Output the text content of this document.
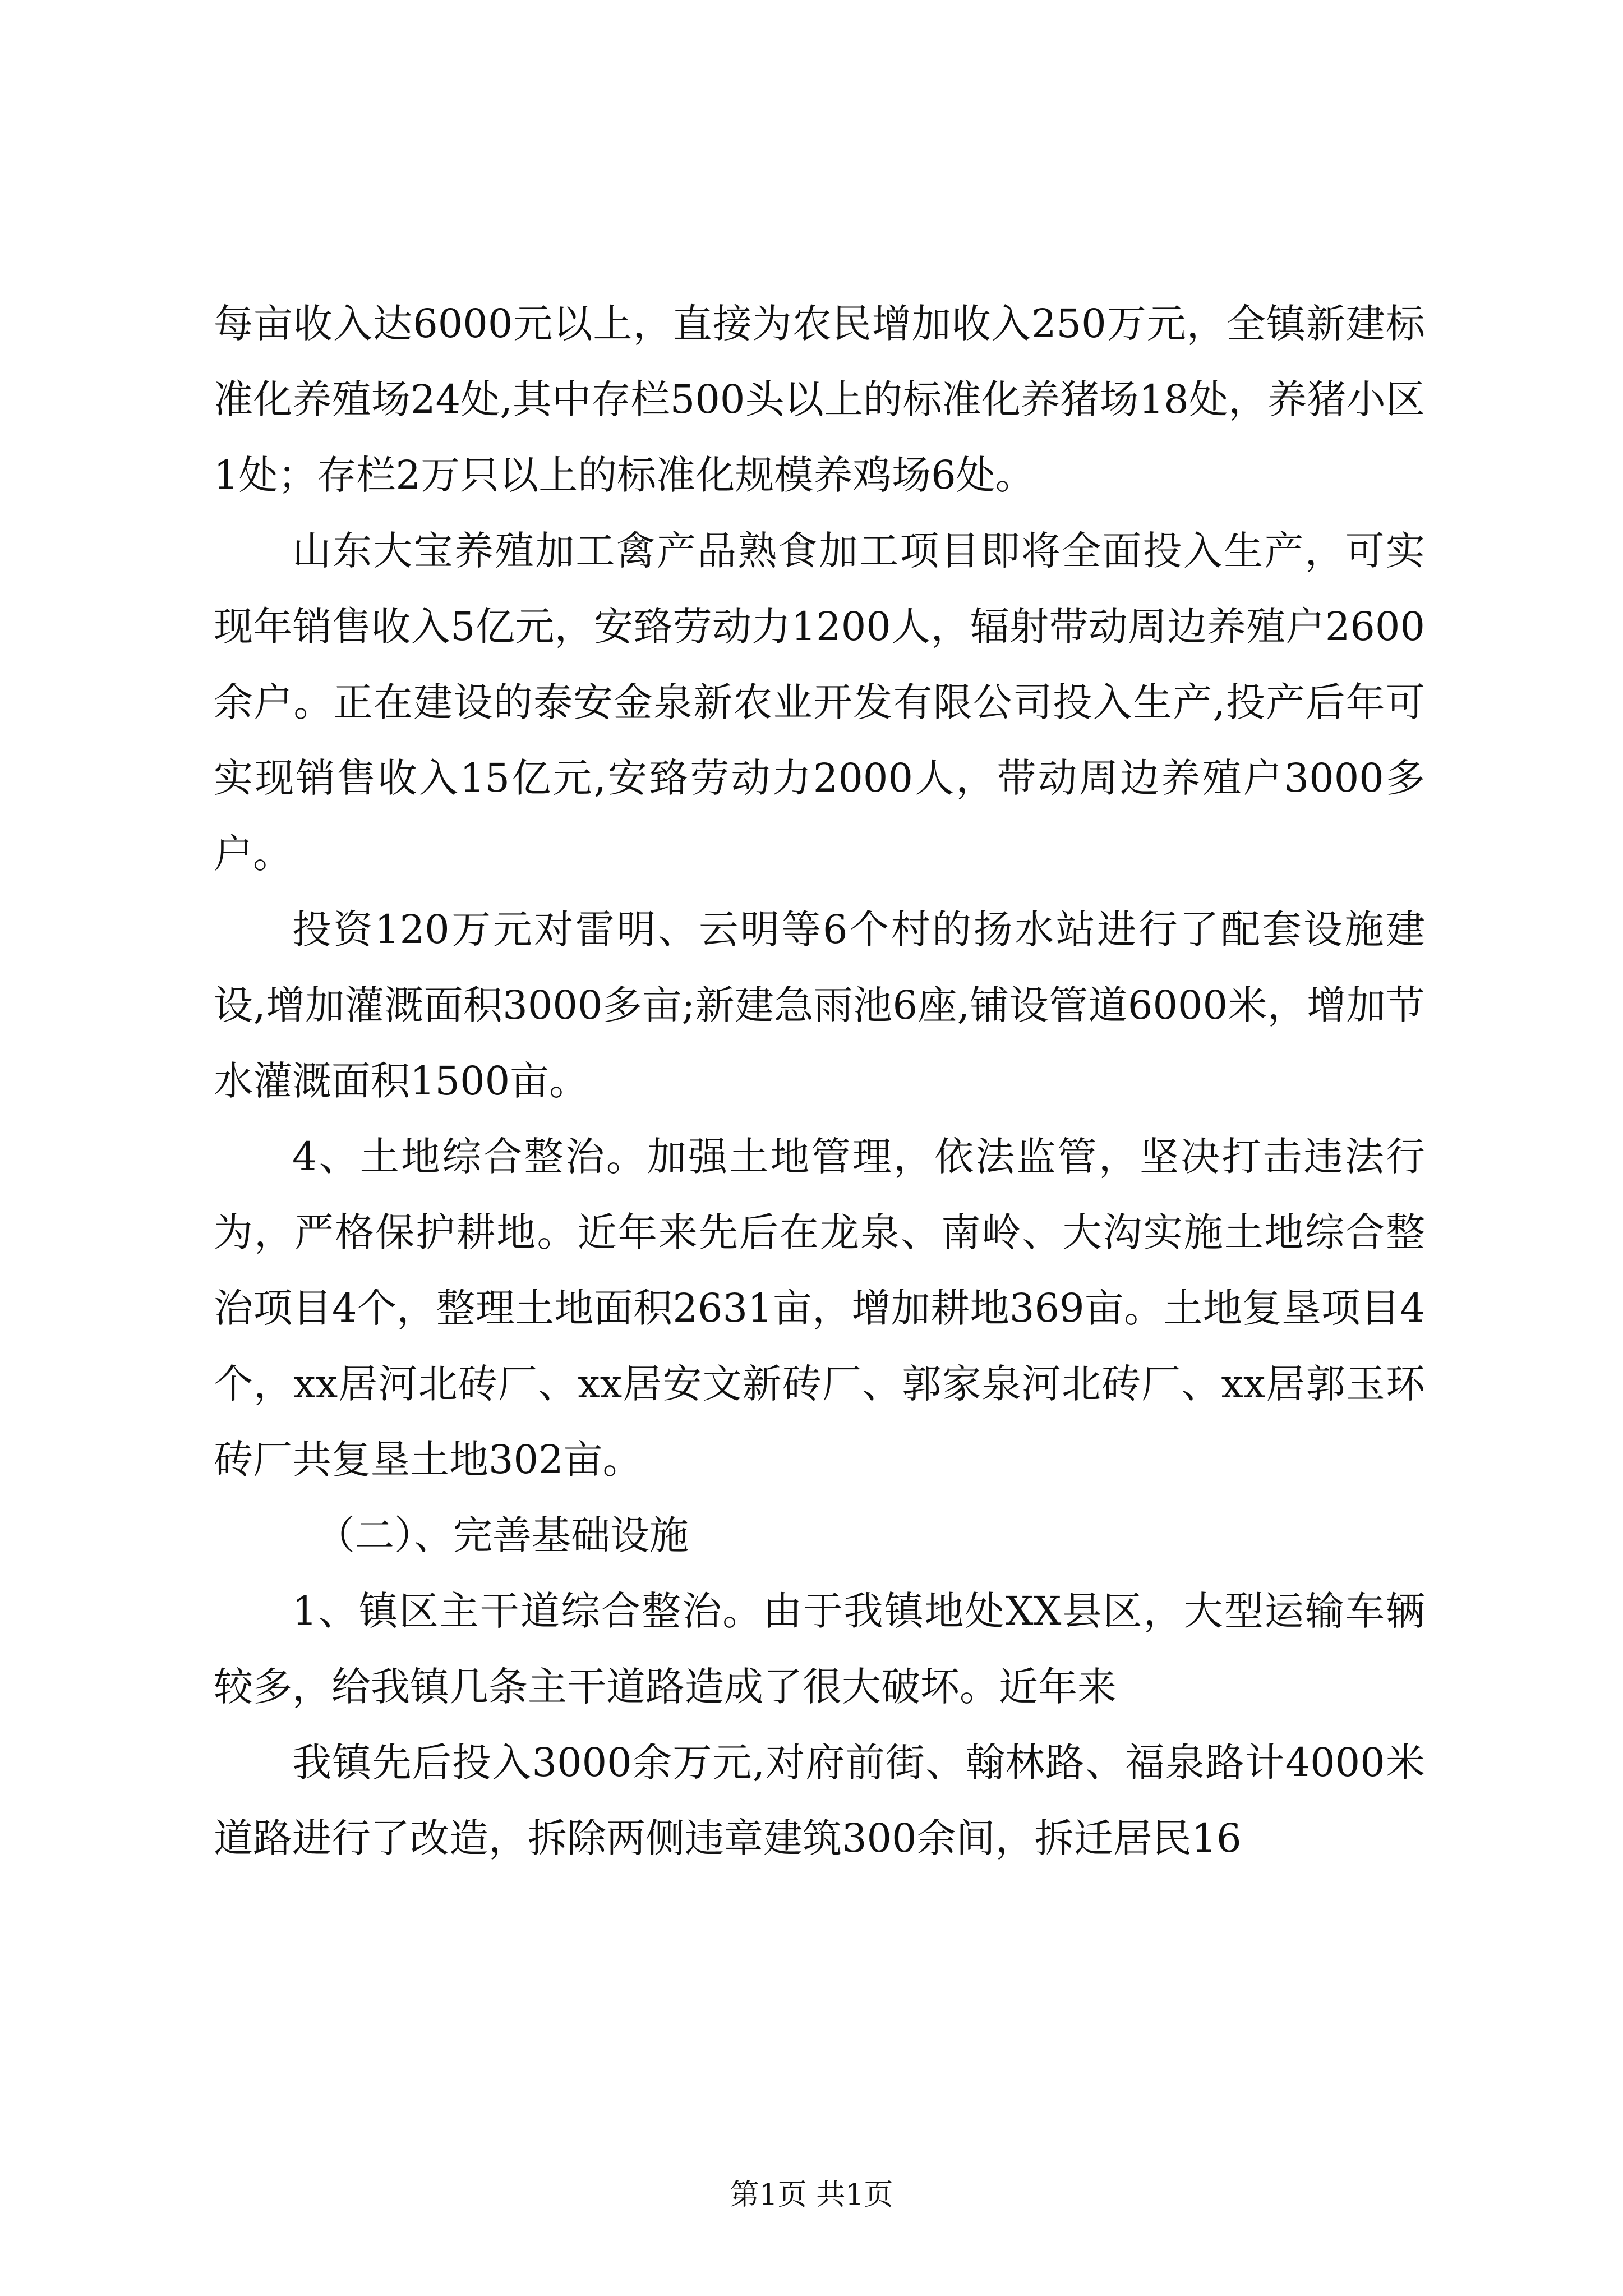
每亩收入达6000元以上，直接为农民增加收入250万元，全镇新建标准化养殖场24处,其中存栏500头以上的标准化养猪场18处，养猪小区1处；存栏2万只以上的标准化规模养鸡场6处。

山东大宝养殖加工禽产品熟食加工项目即将全面投入生产，可实现年销售收入5亿元，安臵劳动力1200人，辐射带动周边养殖户2600余户。正在建设的泰安金泉新农业开发有限公司投入生产,投产后年可实现销售收入15亿元,安臵劳动力2000人，带动周边养殖户3000多户。

投资120万元对雷明、云明等6个村的扬水站进行了配套设施建设,增加灌溉面积3000多亩;新建急雨池6座,铺设管道6000米，增加节水灌溉面积1500亩。

4、土地综合整治。加强土地管理，依法监管，坚决打击违法行为，严格保护耕地。近年来先后在龙泉、南岭、大沟实施土地综合整治项目4个，整理土地面积2631亩，增加耕地369亩。土地复垦项目4个，xx居河北砖厂、xx居安文新砖厂、郭家泉河北砖厂、xx居郭玉环砖厂共复垦土地302亩。

（二）、完善基础设施

1、镇区主干道综合整治。由于我镇地处XX县区，大型运输车辆较多，给我镇几条主干道路造成了很大破坏。近年来

我镇先后投入3000余万元,对府前街、翰林路、福泉路计4000米道路进行了改造，拆除两侧违章建筑300余间，拆迁居民16

第1页 共1页
